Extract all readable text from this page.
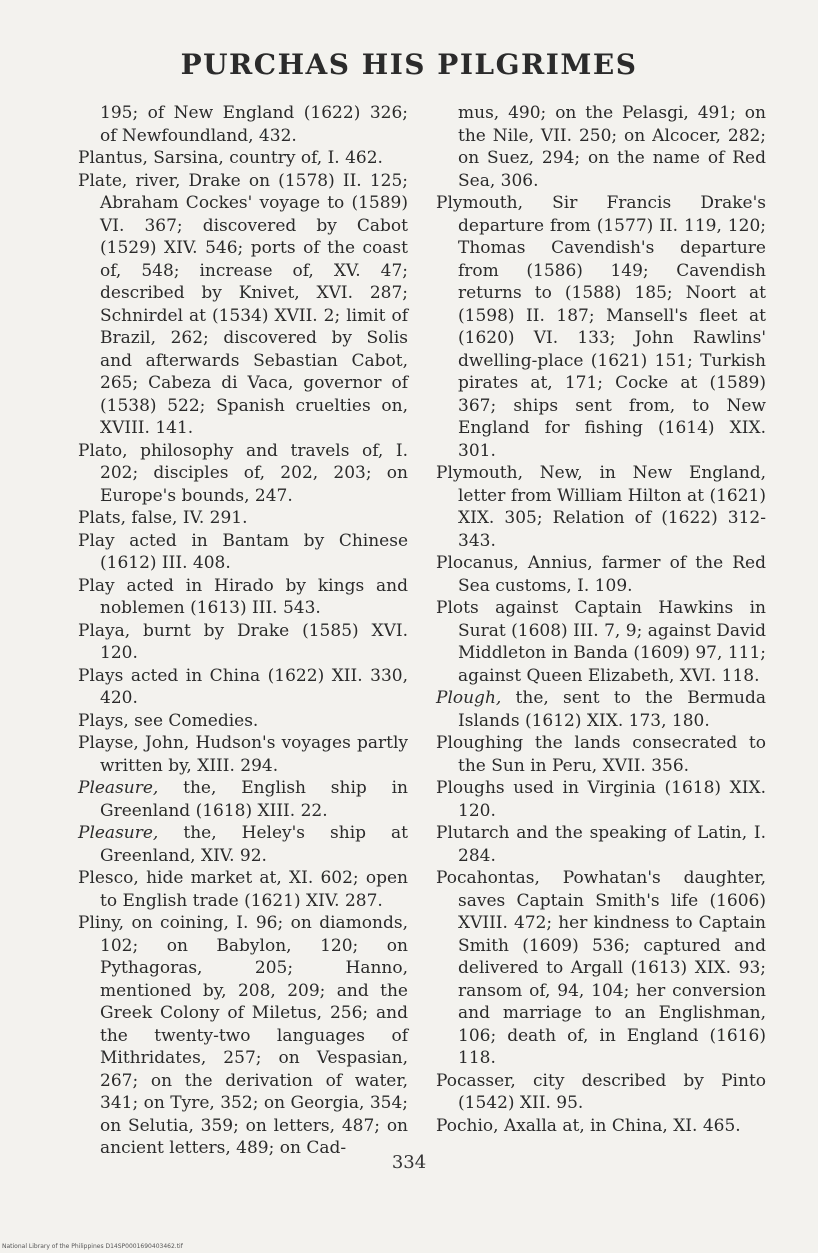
PURCHAS HIS PILGRIMES

195; of New England (1622) 326; of Newfoundland, 432.

Plantus, Sarsina, country of, I. 462.

Plate, river, Drake on (1578) II. 125; Abraham Cockes' voyage to (1589) VI. 367; discovered by Cabot (1529) XIV. 546; ports of the coast of, 548; increase of, XV. 47; described by Knivet, XVI. 287; Schnirdel at (1534) XVII. 2; limit of Brazil, 262; discovered by Solis and afterwards Sebastian Cabot, 265; Cabeza di Vaca, governor of (1538) 522; Spanish cruelties on, XVIII. 141.

Plato, philosophy and travels of, I. 202; disciples of, 202, 203; on Europe's bounds, 247.

Plats, false, IV. 291.

Play acted in Bantam by Chinese (1612) III. 408.

Play acted in Hirado by kings and noblemen (1613) III. 543.

Playa, burnt by Drake (1585) XVI. 120.

Plays acted in China (1622) XII. 330, 420.

Plays, see Comedies.

Playse, John, Hudson's voyages partly written by, XIII. 294.

Pleasure, the, English ship in Greenland (1618) XIII. 22.

Pleasure, the, Heley's ship at Greenland, XIV. 92.

Plesco, hide market at, XI. 602; open to English trade (1621) XIV. 287.

Pliny, on coining, I. 96; on diamonds, 102; on Babylon, 120; on Pythagoras, 205; Hanno, mentioned by, 208, 209; and the Greek Colony of Miletus, 256; and the twenty-two languages of Mithridates, 257; on Vespasian, 267; on the derivation of water, 341; on Tyre, 352; on Georgia, 354; on Selutia, 359; on letters, 487; on ancient letters, 489; on Cad-

mus, 490; on the Pelasgi, 491; on the Nile, VII. 250; on Alcocer, 282; on Suez, 294; on the name of Red Sea, 306.

Plymouth, Sir Francis Drake's departure from (1577) II. 119, 120; Thomas Cavendish's departure from (1586) 149; Cavendish returns to (1588) 185; Noort at (1598) II. 187; Mansell's fleet at (1620) VI. 133; John Rawlins' dwelling-place (1621) 151; Turkish pirates at, 171; Cocke at (1589) 367; ships sent from, to New England for fishing (1614) XIX. 301.

Plymouth, New, in New England, letter from William Hilton at (1621) XIX. 305; Relation of (1622) 312-343.

Plocanus, Annius, farmer of the Red Sea customs, I. 109.

Plots against Captain Hawkins in Surat (1608) III. 7, 9; against David Middleton in Banda (1609) 97, 111; against Queen Elizabeth, XVI. 118.

Plough, the, sent to the Bermuda Islands (1612) XIX. 173, 180.

Ploughing the lands consecrated to the Sun in Peru, XVII. 356.

Ploughs used in Virginia (1618) XIX. 120.

Plutarch and the speaking of Latin, I. 284.

Pocahontas, Powhatan's daughter, saves Captain Smith's life (1606) XVIII. 472; her kindness to Captain Smith (1609) 536; captured and delivered to Argall (1613) XIX. 93; ransom of, 94, 104; her conversion and marriage to an Englishman, 106; death of, in England (1616) 118.

Pocasser, city described by Pinto (1542) XII. 95.

Pochio, Axalla at, in China, XI. 465.

334
National Library of the Philippines D14SP0001690403462.tif
